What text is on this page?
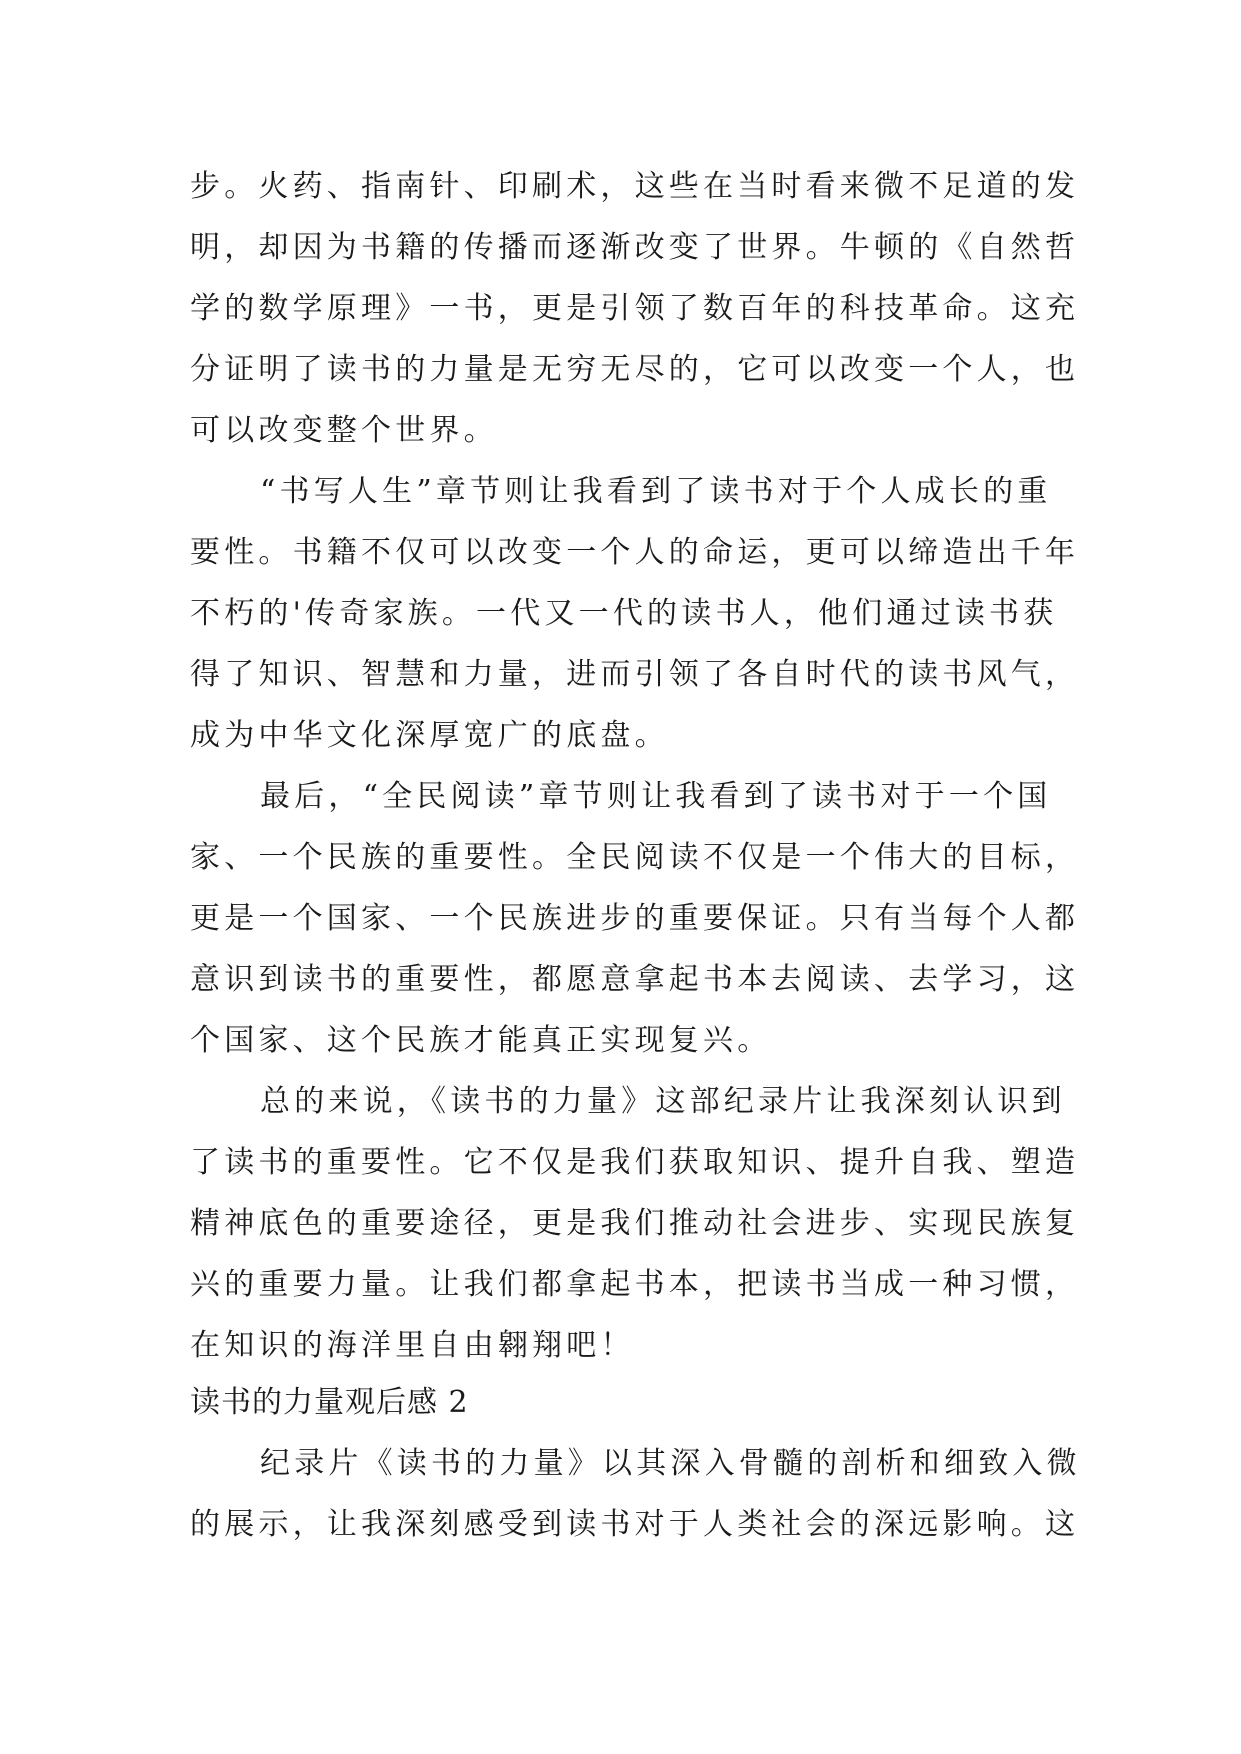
步。火药、指南针、印刷术，这些在当时看来微不足道的发
明，却因为书籍的传播而逐渐改变了世界。牛顿的《自然哲
学的数学原理》一书，更是引领了数百年的科技革命。这充
分证明了读书的力量是无穷无尽的，它可以改变一个人，也
可以改变整个世界。

“书写人生”章节则让我看到了读书对于个人成长的重
要性。书籍不仅可以改变一个人的命运，更可以缔造出千年
不朽的'传奇家族。一代又一代的读书人，他们通过读书获
得了知识、智慧和力量，进而引领了各自时代的读书风气，
成为中华文化深厚宽广的底盘。

最后，“全民阅读”章节则让我看到了读书对于一个国
家、一个民族的重要性。全民阅读不仅是一个伟大的目标，
更是一个国家、一个民族进步的重要保证。只有当每个人都
意识到读书的重要性，都愿意拿起书本去阅读、去学习，这
个国家、这个民族才能真正实现复兴。

总的来说，《读书的力量》这部纪录片让我深刻认识到
了读书的重要性。它不仅是我们获取知识、提升自我、塑造
精神底色的重要途径，更是我们推动社会进步、实现民族复
兴的重要力量。让我们都拿起书本，把读书当成一种习惯，
在知识的海洋里自由翱翔吧！

读书的力量观后感 2

纪录片《读书的力量》以其深入骨髓的剖析和细致入微
的展示，让我深刻感受到读书对于人类社会的深远影响。这
